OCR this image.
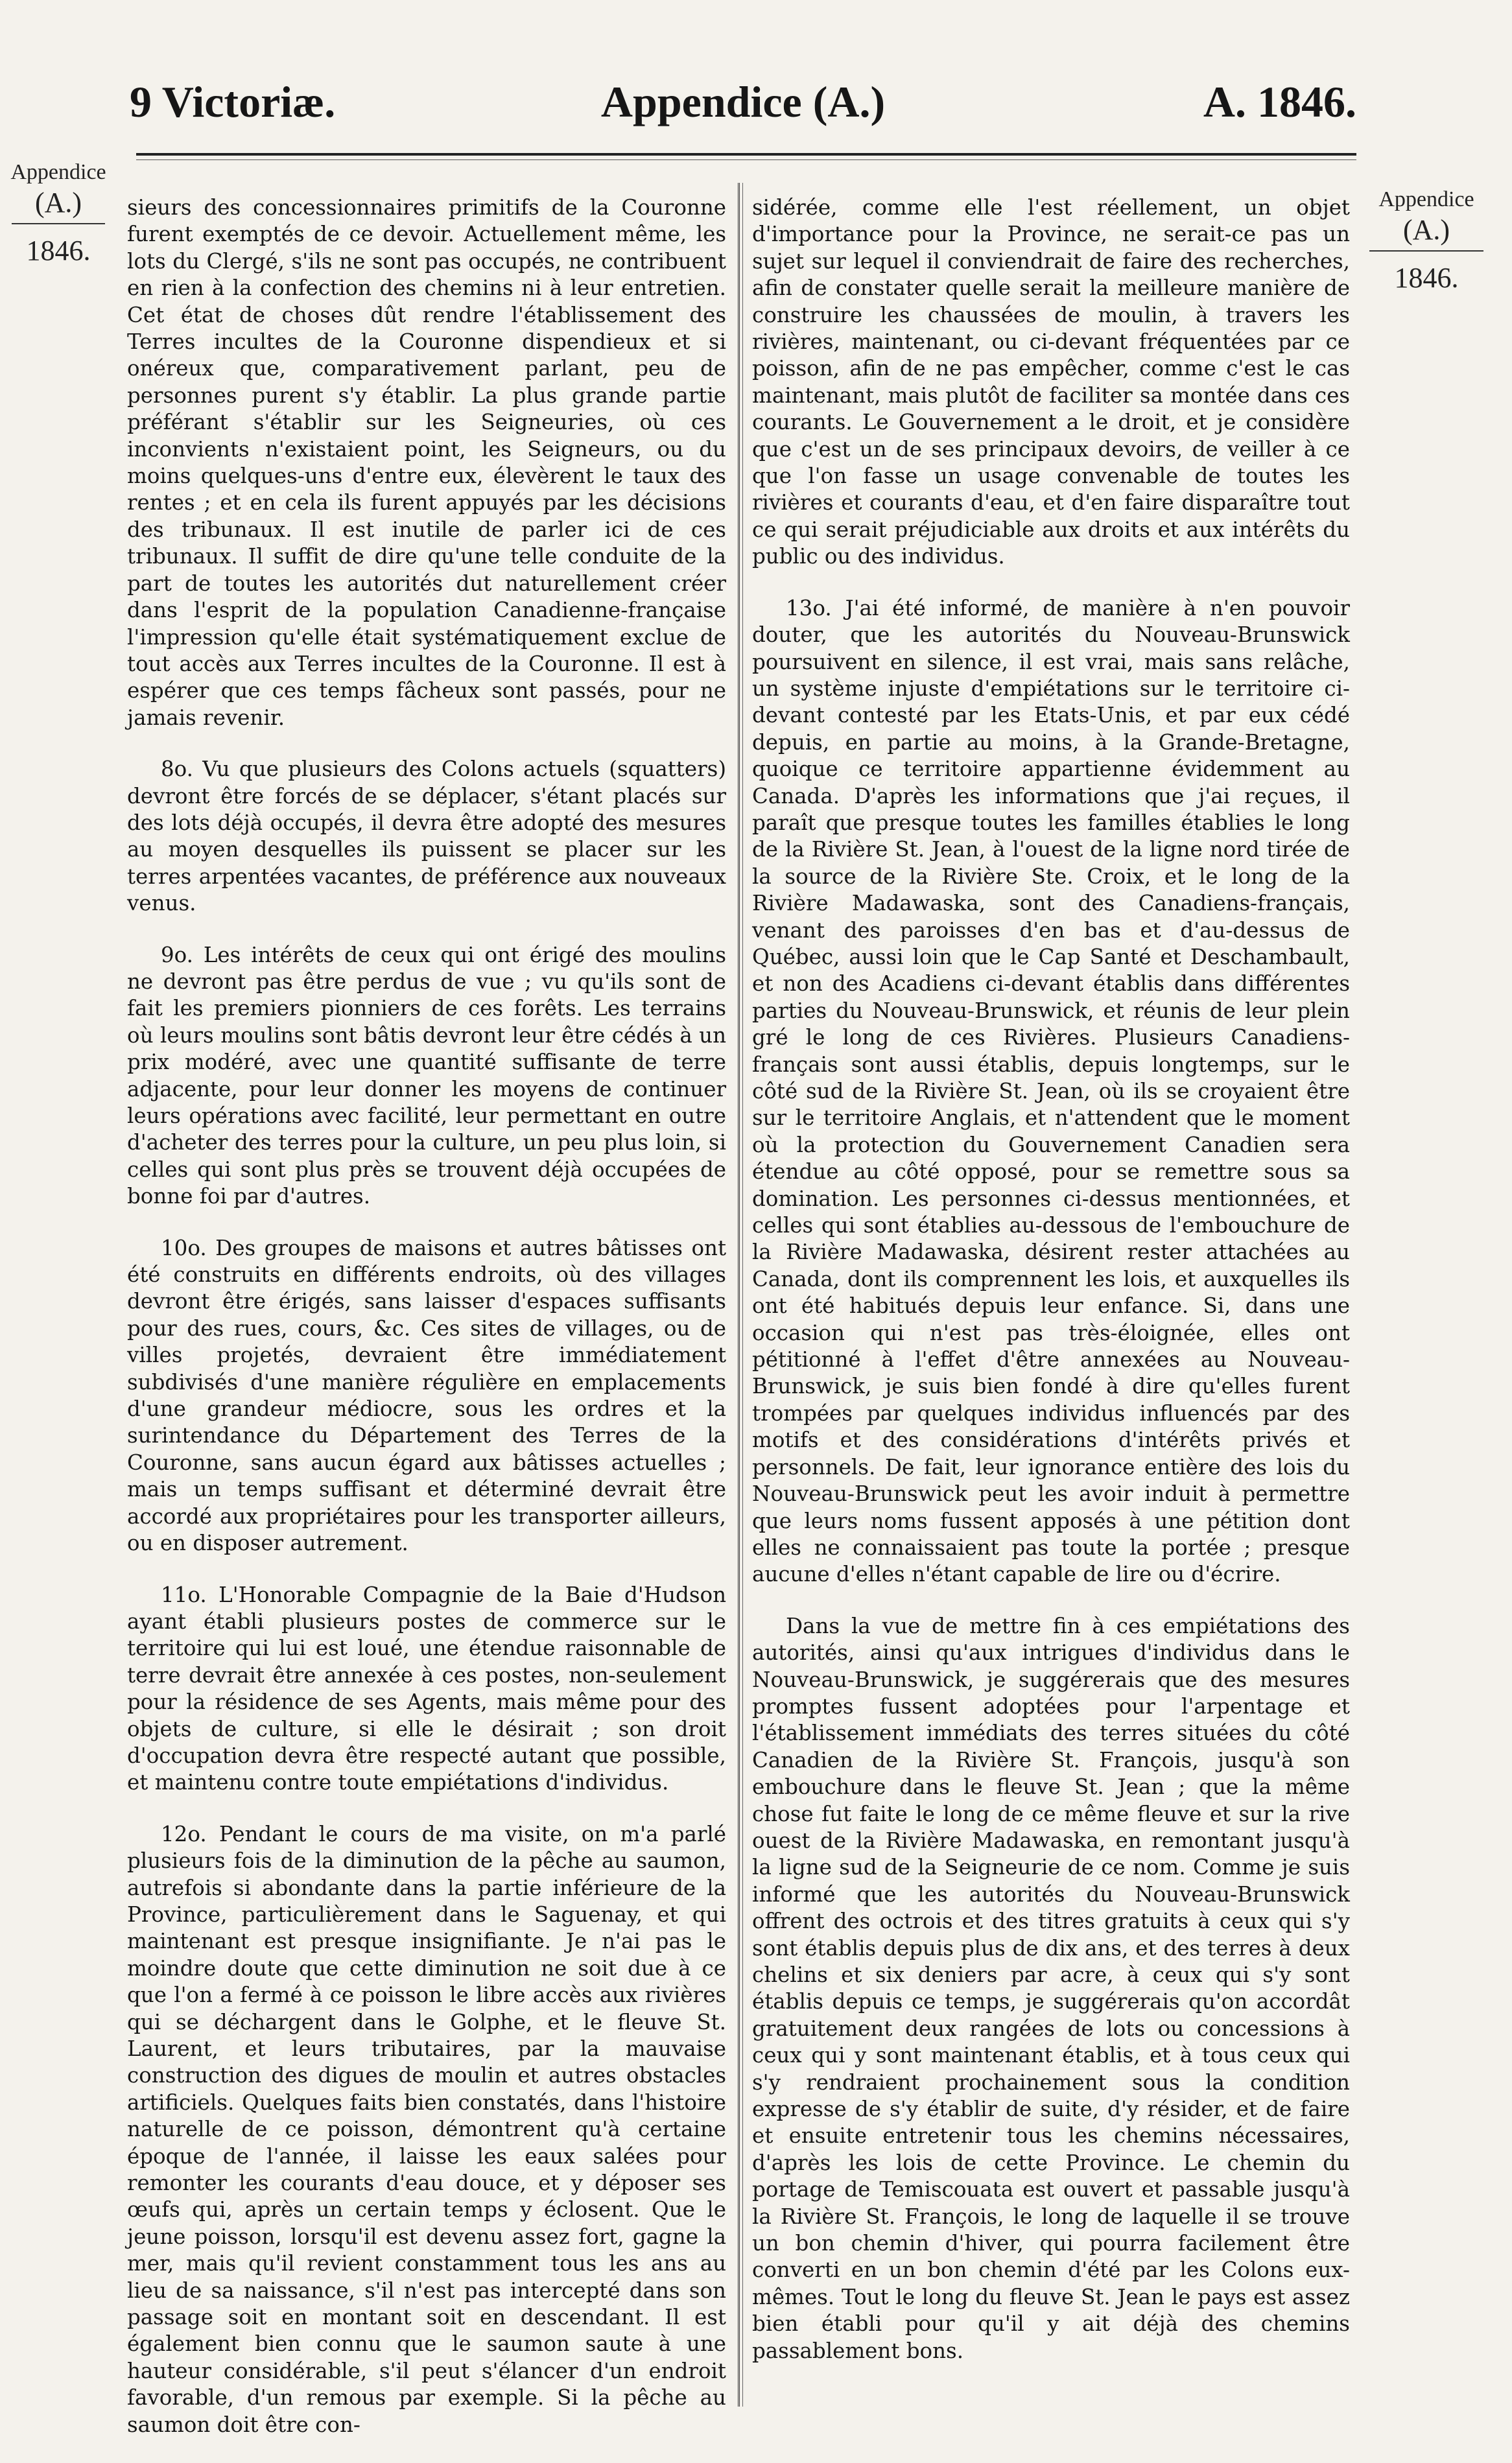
9 Victoriæ.	Appendice (A.)	A. 1846.
Appendice
(A.)
1846.
Appendice
(A.)
1846.

sieurs des concessionnaires primitifs de la Couronne furent exemptés de ce devoir. Actuellement même, les lots du Clergé, s'ils ne sont pas occupés, ne contribuent en rien à la confection des chemins ni à leur entretien. Cet état de choses dût rendre l'établissement des Terres incultes de la Couronne dispendieux et si onéreux que, comparativement parlant, peu de personnes purent s'y établir. La plus grande partie préférant s'établir sur les Seigneuries, où ces inconvients n'existaient point, les Seigneurs, ou du moins quelques-uns d'entre eux, élevèrent le taux des rentes ; et en cela ils furent appuyés par les décisions des tribunaux. Il est inutile de parler ici de ces tribunaux. Il suffit de dire qu'une telle conduite de la part de toutes les autorités dut naturellement créer dans l'esprit de la population Canadienne-française l'impression qu'elle était systématiquement exclue de tout accès aux Terres incultes de la Couronne. Il est à espérer que ces temps fâcheux sont passés, pour ne jamais revenir.

8o. Vu que plusieurs des Colons actuels (squatters) devront être forcés de se déplacer, s'étant placés sur des lots déjà occupés, il devra être adopté des mesures au moyen desquelles ils puissent se placer sur les terres arpentées vacantes, de préférence aux nouveaux venus.

9o. Les intérêts de ceux qui ont érigé des moulins ne devront pas être perdus de vue ; vu qu'ils sont de fait les premiers pionniers de ces forêts. Les terrains où leurs moulins sont bâtis devront leur être cédés à un prix modéré, avec une quantité suffisante de terre adjacente, pour leur donner les moyens de continuer leurs opérations avec facilité, leur permettant en outre d'acheter des terres pour la culture, un peu plus loin, si celles qui sont plus près se trouvent déjà occupées de bonne foi par d'autres.

10o. Des groupes de maisons et autres bâtisses ont été construits en différents endroits, où des villages devront être érigés, sans laisser d'espaces suffisants pour des rues, cours, &c. Ces sites de villages, ou de villes projetés, devraient être immédiatement subdivisés d'une manière régulière en emplacements d'une grandeur médiocre, sous les ordres et la surintendance du Département des Terres de la Couronne, sans aucun égard aux bâtisses actuelles ; mais un temps suffisant et déterminé devrait être accordé aux propriétaires pour les transporter ailleurs, ou en disposer autrement.

11o. L'Honorable Compagnie de la Baie d'Hudson ayant établi plusieurs postes de commerce sur le territoire qui lui est loué, une étendue raisonnable de terre devrait être annexée à ces postes, non-seulement pour la résidence de ses Agents, mais même pour des objets de culture, si elle le désirait ; son droit d'occupation devra être respecté autant que possible, et maintenu contre toute empiétations d'individus.

12o. Pendant le cours de ma visite, on m'a parlé plusieurs fois de la diminution de la pêche au saumon, autrefois si abondante dans la partie inférieure de la Province, particulièrement dans le Saguenay, et qui maintenant est presque insignifiante. Je n'ai pas le moindre doute que cette diminution ne soit due à ce que l'on a fermé à ce poisson le libre accès aux rivières qui se déchargent dans le Golphe, et le fleuve St. Laurent, et leurs tributaires, par la mauvaise construction des digues de moulin et autres obstacles artificiels. Quelques faits bien constatés, dans l'histoire naturelle de ce poisson, démontrent qu'à certaine époque de l'année, il laisse les eaux salées pour remonter les courants d'eau douce, et y déposer ses œufs qui, après un certain temps y éclosent. Que le jeune poisson, lorsqu'il est devenu assez fort, gagne la mer, mais qu'il revient constamment tous les ans au lieu de sa naissance, s'il n'est pas intercepté dans son passage soit en montant soit en descendant. Il est également bien connu que le saumon saute à une hauteur considérable, s'il peut s'élancer d'un endroit favorable, d'un remous par exemple. Si la pêche au saumon doit être con-

sidérée, comme elle l'est réellement, un objet d'importance pour la Province, ne serait-ce pas un sujet sur lequel il conviendrait de faire des recherches, afin de constater quelle serait la meilleure manière de construire les chaussées de moulin, à travers les rivières, maintenant, ou ci-devant fréquentées par ce poisson, afin de ne pas empêcher, comme c'est le cas maintenant, mais plutôt de faciliter sa montée dans ces courants. Le Gouvernement a le droit, et je considère que c'est un de ses principaux devoirs, de veiller à ce que l'on fasse un usage convenable de toutes les rivières et courants d'eau, et d'en faire disparaître tout ce qui serait préjudiciable aux droits et aux intérêts du public ou des individus.

13o. J'ai été informé, de manière à n'en pouvoir douter, que les autorités du Nouveau-Brunswick poursuivent en silence, il est vrai, mais sans relâche, un système injuste d'empiétations sur le territoire ci-devant contesté par les Etats-Unis, et par eux cédé depuis, en partie au moins, à la Grande-Bretagne, quoique ce territoire appartienne évidemment au Canada. D'après les informations que j'ai reçues, il paraît que presque toutes les familles établies le long de la Rivière St. Jean, à l'ouest de la ligne nord tirée de la source de la Rivière Ste. Croix, et le long de la Rivière Madawaska, sont des Canadiens-français, venant des paroisses d'en bas et d'au-dessus de Québec, aussi loin que le Cap Santé et Deschambault, et non des Acadiens ci-devant établis dans différentes parties du Nouveau-Brunswick, et réunis de leur plein gré le long de ces Rivières. Plusieurs Canadiens-français sont aussi établis, depuis longtemps, sur le côté sud de la Rivière St. Jean, où ils se croyaient être sur le territoire Anglais, et n'attendent que le moment où la protection du Gouvernement Canadien sera étendue au côté opposé, pour se remettre sous sa domination. Les personnes ci-dessus mentionnées, et celles qui sont établies au-dessous de l'embouchure de la Rivière Madawaska, désirent rester attachées au Canada, dont ils comprennent les lois, et auxquelles ils ont été habitués depuis leur enfance. Si, dans une occasion qui n'est pas très-éloignée, elles ont pétitionné à l'effet d'être annexées au Nouveau-Brunswick, je suis bien fondé à dire qu'elles furent trompées par quelques individus influencés par des motifs et des considérations d'intérêts privés et personnels. De fait, leur ignorance entière des lois du Nouveau-Brunswick peut les avoir induit à permettre que leurs noms fussent apposés à une pétition dont elles ne connaissaient pas toute la portée ; presque aucune d'elles n'étant capable de lire ou d'écrire.

Dans la vue de mettre fin à ces empiétations des autorités, ainsi qu'aux intrigues d'individus dans le Nouveau-Brunswick, je suggérerais que des mesures promptes fussent adoptées pour l'arpentage et l'établissement immédiats des terres situées du côté Canadien de la Rivière St. François, jusqu'à son embouchure dans le fleuve St. Jean ; que la même chose fut faite le long de ce même fleuve et sur la rive ouest de la Rivière Madawaska, en remontant jusqu'à la ligne sud de la Seigneurie de ce nom. Comme je suis informé que les autorités du Nouveau-Brunswick offrent des octrois et des titres gratuits à ceux qui s'y sont établis depuis plus de dix ans, et des terres à deux chelins et six deniers par acre, à ceux qui s'y sont établis depuis ce temps, je suggérerais qu'on accordât gratuitement deux rangées de lots ou concessions à ceux qui y sont maintenant établis, et à tous ceux qui s'y rendraient prochainement sous la condition expresse de s'y établir de suite, d'y résider, et de faire et ensuite entretenir tous les chemins nécessaires, d'après les lois de cette Province. Le chemin du portage de Temiscouata est ouvert et passable jusqu'à la Rivière St. François, le long de laquelle il se trouve un bon chemin d'hiver, qui pourra facilement être converti en un bon chemin d'été par les Colons eux-mêmes. Tout le long du fleuve St. Jean le pays est assez bien établi pour qu'il y ait déjà des chemins passablement bons.
